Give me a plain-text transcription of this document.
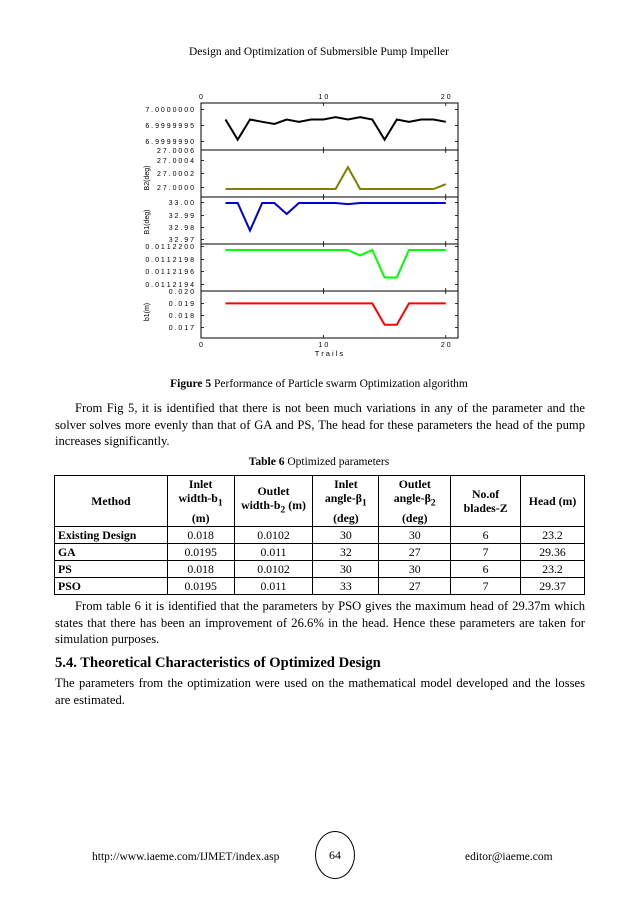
Design and Optimization of Submersible Pump Impeller
0
0
1 0
1 0
2 0
2 0
T r a i l s
7 . 0 0 0 0 0 0 0
6 . 9 9 9 9 9 9 5
6 . 9 9 9 9 9 9 0
2 7 . 0 0 0 6
2 7 . 0 0 0 4
2 7 . 0 0 0 2
2 7 . 0 0 0 0
B2(deg)
3 3 . 0 0
3 2 . 9 9
3 2 . 9 8
3 2 . 9 7
B1(deg)
0 . 0 1 1 2 2 0 0
0 . 0 1 1 2 1 9 8
0 . 0 1 1 2 1 9 6
0 . 0 1 1 2 1 9 4
0 . 0 2 0
0 . 0 1 9
0 . 0 1 8
0 . 0 1 7
b1(m)
Figure 5 Performance of Particle swarm Optimization algorithm
From Fig 5, it is identified that there is not been much variations in any of the parameter and the solver solves more evenly than that of GA and PS, The head for these parameters the head of the pump increases significantly.
Table 6 Optimized parameters
Method	Inlet
width-$b_1$
(m)	Outlet
width-$b_2$ (m)	Inlet
angle-$\beta_1$
(deg)	Outlet
angle-$\beta_2$
(deg)	No.of
blades-Z	Head (m)
Existing Design	0.018	0.0102	30	30	6	23.2
GA	0.0195	0.011	32	27	7	29.36
PS	0.018	0.0102	30	30	6	23.2
PSO	0.0195	0.011	33	27	7	29.37
From table 6 it is identified that the parameters by PSO gives the maximum head of 29.37m which states that there has been an improvement of 26.6% in the head. Hence these parameters are taken for simulation purposes.
5.4. Theoretical Characteristics of Optimized Design
The parameters from the optimization were used on the mathematical model developed and the losses are estimated.
http://www.iaeme.com/IJMET/index.asp	64	editor@iaeme.com
